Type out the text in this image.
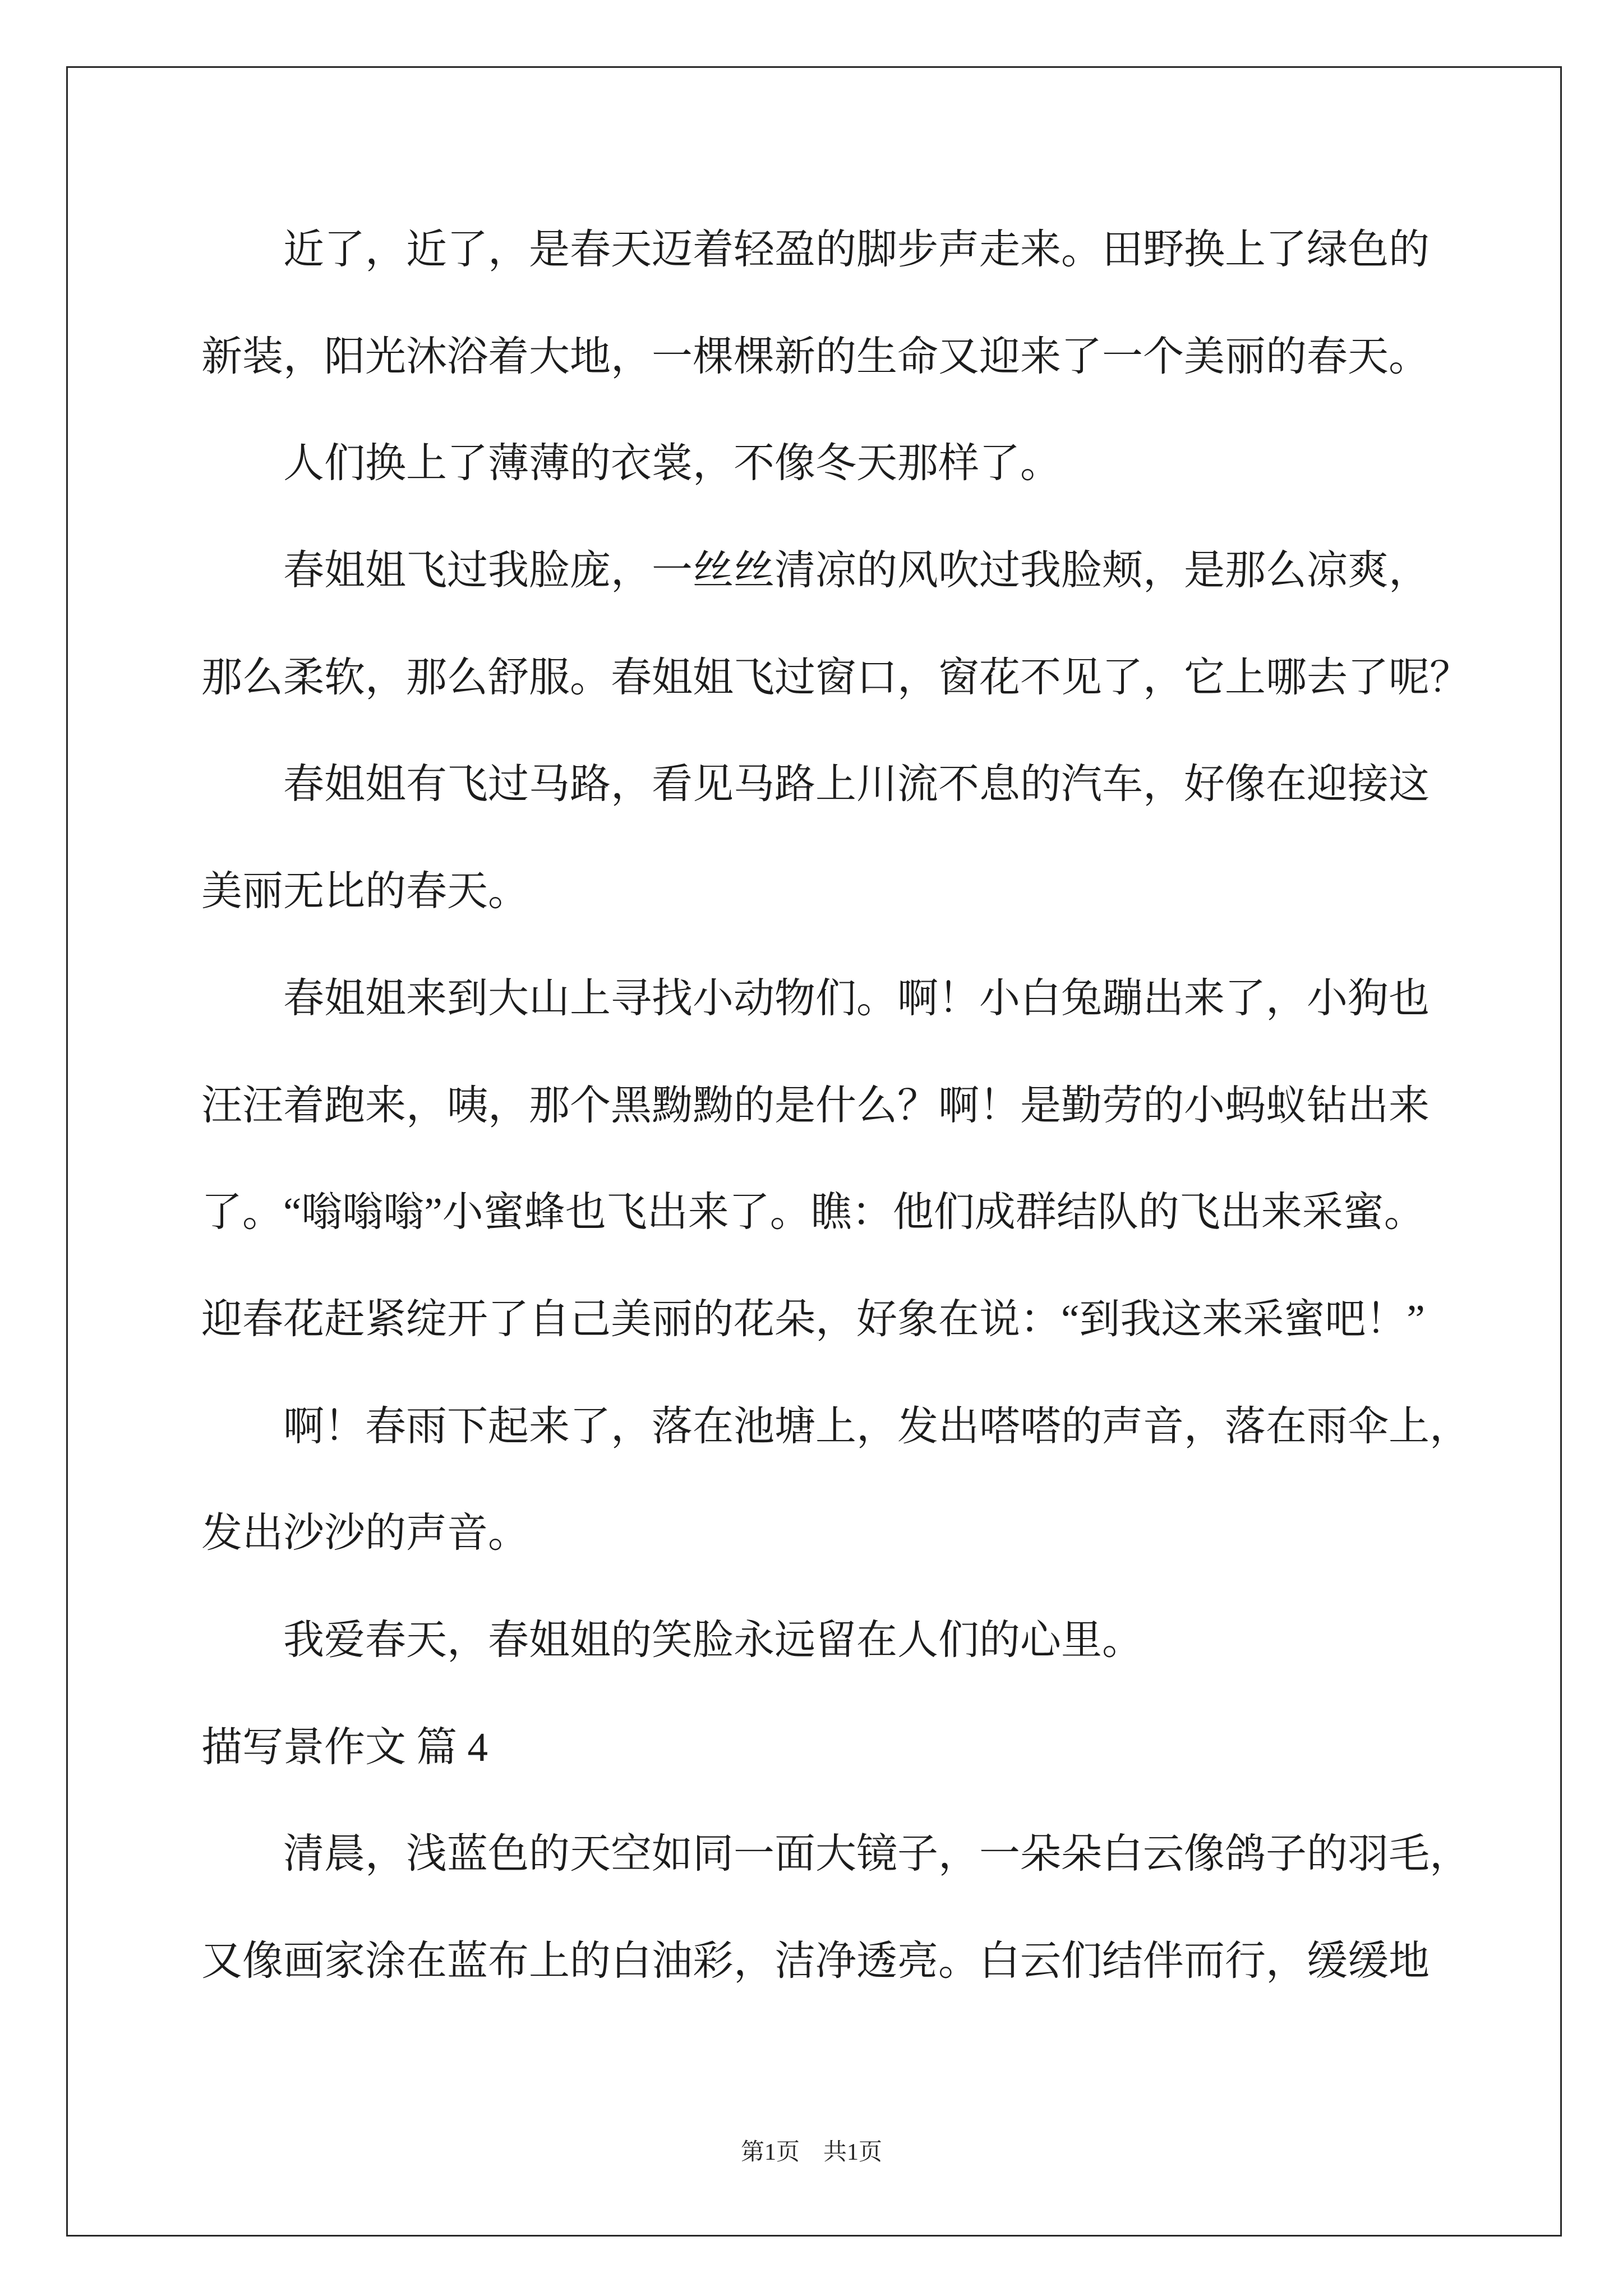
近了，近了，是春天迈着轻盈的脚步声走来。田野换上了绿色的
新装，阳光沐浴着大地，一棵棵新的生命又迎来了一个美丽的春天。
人们换上了薄薄的衣裳，不像冬天那样了。
春姐姐飞过我脸庞，一丝丝清凉的风吹过我脸颊，是那么凉爽，
那么柔软，那么舒服。春姐姐飞过窗口，窗花不见了，它上哪去了呢？
春姐姐有飞过马路，看见马路上川流不息的汽车，好像在迎接这
美丽无比的春天。
春姐姐来到大山上寻找小动物们。啊！小白兔蹦出来了，小狗也
汪汪着跑来，咦，那个黑黝黝的是什么？啊！是勤劳的小蚂蚁钻出来
了。“嗡嗡嗡”小蜜蜂也飞出来了。瞧：他们成群结队的飞出来采蜜。
迎春花赶紧绽开了自己美丽的花朵，好象在说：“到我这来采蜜吧！”
啊！春雨下起来了，落在池塘上，发出嗒嗒的声音，落在雨伞上，
发出沙沙的声音。
我爱春天，春姐姐的笑脸永远留在人们的心里。
描写景作文 篇 4
清晨，浅蓝色的天空如同一面大镜子，一朵朵白云像鸽子的羽毛，
又像画家涂在蓝布上的白油彩，洁净透亮。白云们结伴而行，缓缓地
第1页　共1页
